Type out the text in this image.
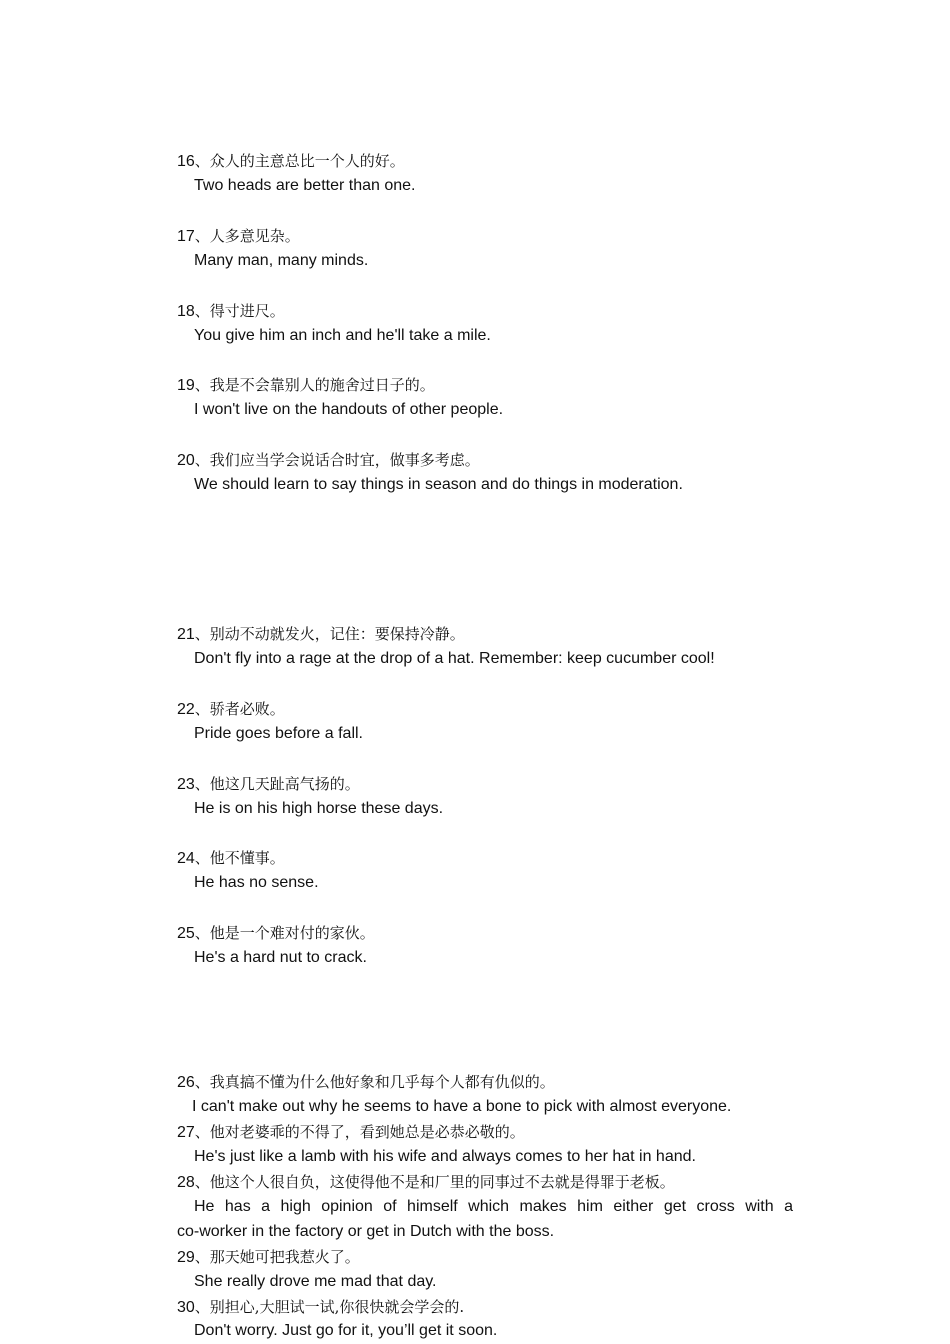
16、众人的主意总比一个人的好。
Two heads are better than one.
17、人多意见杂。
Many man, many minds.
18、得寸进尺。
You give him an inch and he'll take a mile.
19、我是不会靠别人的施舍过日子的。
I won't live on the handouts of other people.
20、我们应当学会说话合时宜，做事多考虑。
We should learn to say things in season and do things in moderation.
21、别动不动就发火，记住：要保持冷静。
Don't fly into a rage at the drop of a hat. Remember: keep cucumber cool!
22、骄者必败。
Pride goes before a fall.
23、他这几天趾高气扬的。
He is on his high horse these days.
24、他不懂事。
He has no sense.
25、他是一个难对付的家伙。
He's a hard nut to crack.
26、我真搞不懂为什么他好象和几乎每个人都有仇似的。
I can't make out why he seems to have a bone to pick with almost everyone.
27、他对老婆乖的不得了，看到她总是必恭必敬的。
He's just like a lamb with his wife and always comes to her hat in hand.
28、他这个人很自负，这使得他不是和厂里的同事过不去就是得罪于老板。
He has a high opinion of himself which makes him either get cross with a
co-worker in the factory or get in Dutch with the boss.
29、那天她可把我惹火了。
She really drove me mad that day.
30、别担心,大胆试一试,你很快就会学会的.
Don't worry. Just go for it, you’ll get it soon.
